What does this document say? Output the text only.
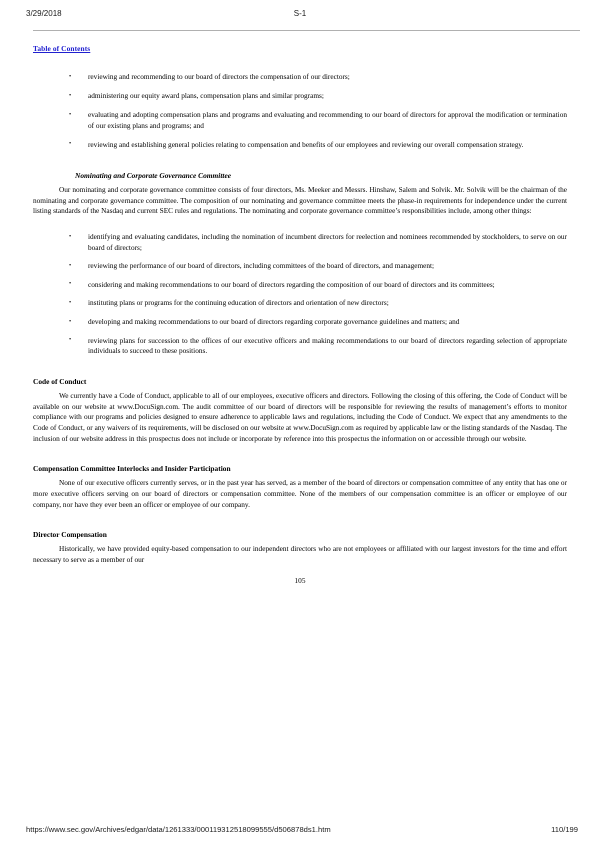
3/29/2018	S-1
Table of Contents
• reviewing and recommending to our board of directors the compensation of our directors;
• administering our equity award plans, compensation plans and similar programs;
• evaluating and adopting compensation plans and programs and evaluating and recommending to our board of directors for approval the modification or termination of our existing plans and programs; and
• reviewing and establishing general policies relating to compensation and benefits of our employees and reviewing our overall compensation strategy.
Nominating and Corporate Governance Committee

Our nominating and corporate governance committee consists of four directors, Ms. Meeker and Messrs. Hinshaw, Salem and Solvik. Mr. Solvik will be the chairman of the nominating and corporate governance committee. The composition of our nominating and governance committee meets the phase-in requirements for independence under the current listing standards of the Nasdaq and current SEC rules and regulations. The nominating and corporate governance committee’s responsibilities include, among other things:

• identifying and evaluating candidates, including the nomination of incumbent directors for reelection and nominees recommended by stockholders, to serve on our board of directors;
• reviewing the performance of our board of directors, including committees of the board of directors, and management;
• considering and making recommendations to our board of directors regarding the composition of our board of directors and its committees;
• instituting plans or programs for the continuing education of directors and orientation of new directors;
• developing and making recommendations to our board of directors regarding corporate governance guidelines and matters; and
• reviewing plans for succession to the offices of our executive officers and making recommendations to our board of directors regarding selection of appropriate individuals to succeed to these positions.
Code of Conduct

We currently have a Code of Conduct, applicable to all of our employees, executive officers and directors. Following the closing of this offering, the Code of Conduct will be available on our website at www.DocuSign.com. The audit committee of our board of directors will be responsible for reviewing the results of management’s efforts to monitor compliance with our programs and policies designed to ensure adherence to applicable laws and regulations, including the Code of Conduct. We expect that any amendments to the Code of Conduct, or any waivers of its requirements, will be disclosed on our website at www.DocuSign.com as required by applicable law or the listing standards of the Nasdaq. The inclusion of our website address in this prospectus does not include or incorporate by reference into this prospectus the information on or accessible through our website.

Compensation Committee Interlocks and Insider Participation

None of our executive officers currently serves, or in the past year has served, as a member of the board of directors or compensation committee of any entity that has one or more executive officers serving on our board of directors or compensation committee. None of the members of our compensation committee is an officer or employee of our company, nor have they ever been an officer or employee of our company.

Director Compensation

Historically, we have provided equity-based compensation to our independent directors who are not employees or affiliated with our largest investors for the time and effort necessary to serve as a member of our

105
https://www.sec.gov/Archives/edgar/data/1261333/000119312518099555/d506878ds1.htm	110/199
